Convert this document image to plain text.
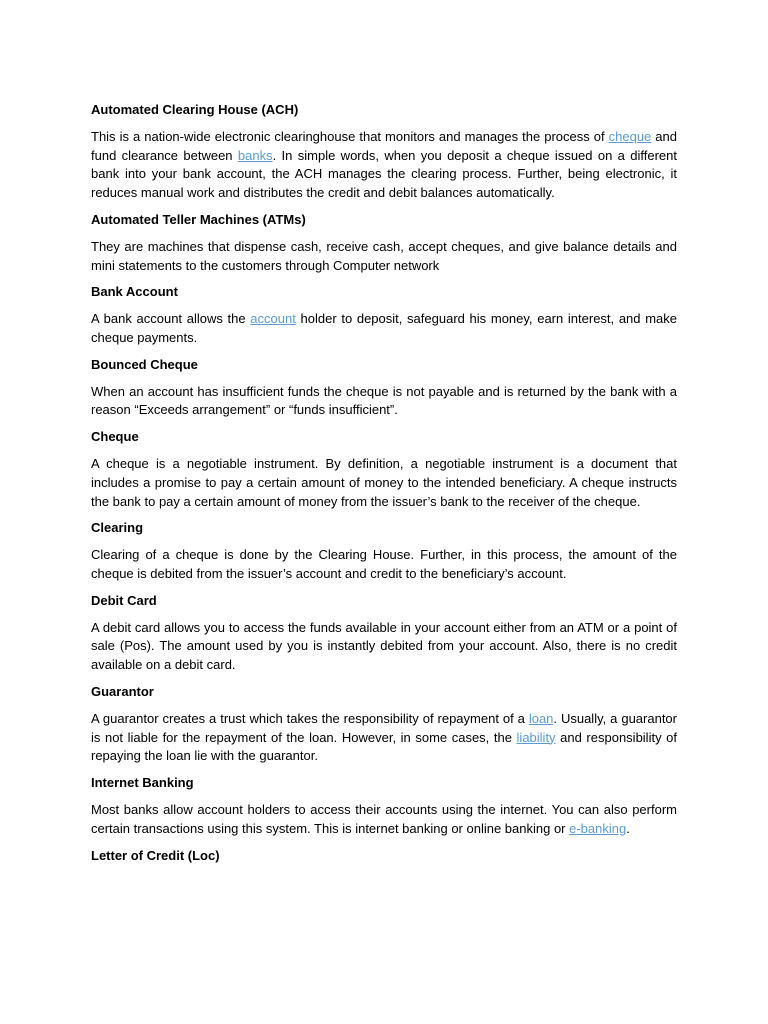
Automated Clearing House (ACH)

This is a nation-wide electronic clearinghouse that monitors and manages the process of cheque and fund clearance between banks. In simple words, when you deposit a cheque issued on a different bank into your bank account, the ACH manages the clearing process. Further, being electronic, it reduces manual work and distributes the credit and debit balances automatically.

Automated Teller Machines (ATMs)

They are machines that dispense cash, receive cash, accept cheques, and give balance details and mini statements to the customers through Computer network

Bank Account

A bank account allows the account holder to deposit, safeguard his money, earn interest, and make cheque payments.

Bounced Cheque

When an account has insufficient funds the cheque is not payable and is returned by the bank with a reason “Exceeds arrangement” or “funds insufficient”.

Cheque

A cheque is a negotiable instrument. By definition, a negotiable instrument is a document that includes a promise to pay a certain amount of money to the intended beneficiary. A cheque instructs the bank to pay a certain amount of money from the issuer’s bank to the receiver of the cheque.

Clearing

Clearing of a cheque is done by the Clearing House. Further, in this process, the amount of the cheque is debited from the issuer’s account and credit to the beneficiary’s account.

Debit Card

A debit card allows you to access the funds available in your account either from an ATM or a point of sale (Pos). The amount used by you is instantly debited from your account. Also, there is no credit available on a debit card.

Guarantor

A guarantor creates a trust which takes the responsibility of repayment of a loan. Usually, a guarantor is not liable for the repayment of the loan. However, in some cases, the liability and responsibility of repaying the loan lie with the guarantor.

Internet Banking

Most banks allow account holders to access their accounts using the internet. You can also perform certain transactions using this system. This is internet banking or online banking or e-banking.

Letter of Credit (Loc)
